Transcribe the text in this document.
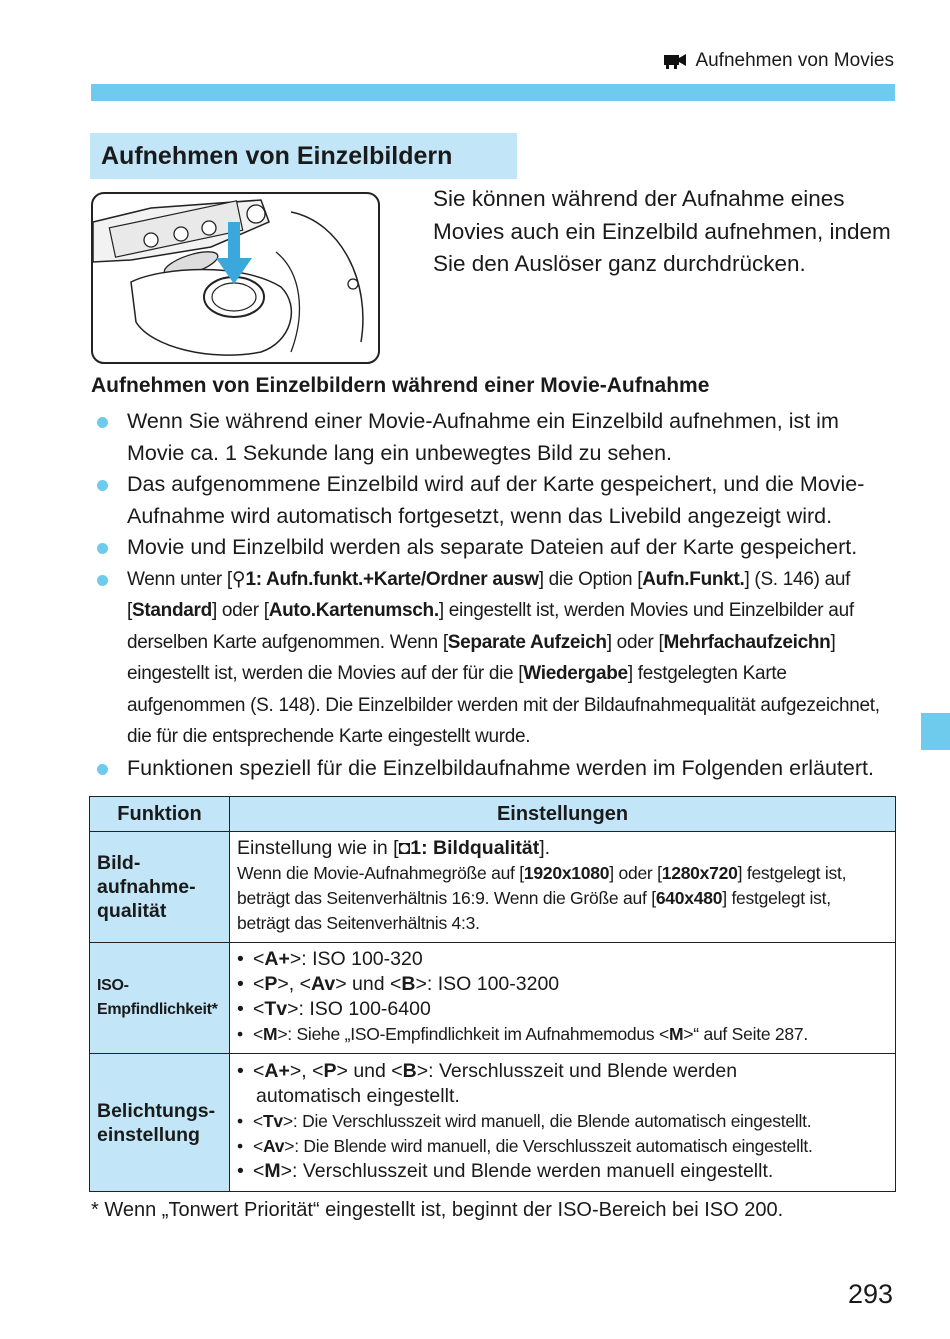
Aufnehmen von Movies
Aufnehmen von Einzelbildern
Sie können während der Aufnahme eines Movies auch ein Einzelbild aufnehmen, indem Sie den Auslöser ganz durchdrücken.
Aufnehmen von Einzelbildern während einer Movie-Aufnahme
Wenn Sie während einer Movie-Aufnahme ein Einzelbild aufnehmen, ist im Movie ca. 1 Sekunde lang ein unbewegtes Bild zu sehen.
Das aufgenommene Einzelbild wird auf der Karte gespeichert, und die Movie-Aufnahme wird automatisch fortgesetzt, wenn das Livebild angezeigt wird.
Movie und Einzelbild werden als separate Dateien auf der Karte gespeichert.
Wenn unter [⚲1: Aufn.funkt.+Karte/Ordner ausw] die Option [Aufn.Funkt.] (S. 146) auf [Standard] oder [Auto.Kartenumsch.] eingestellt ist, werden Movies und Einzelbilder auf derselben Karte aufgenommen. Wenn [Separate Aufzeich] oder [Mehrfachaufzeichn] eingestellt ist, werden die Movies auf der für die [Wiedergabe] festgelegten Karte aufgenommen (S. 148). Die Einzelbilder werden mit der Bildaufnahmequalität aufgezeichnet, die für die entsprechende Karte eingestellt wurde.
Funktionen speziell für die Einzelbildaufnahme werden im Folgenden erläutert.
Funktion	Einstellungen
Bild-aufnahme-qualität	Einstellung wie in [◘1: Bildqualität].
Wenn die Movie-Aufnahmegröße auf [1920x1080] oder [1280x720] festgelegt ist, beträgt das Seitenverhältnis 16:9. Wenn die Größe auf [640x480] festgelegt ist, beträgt das Seitenverhältnis 4:3.

ISO-Empfindlichkeit*	• <A+>: ISO 100-320
• <P>, <Av> und <B>: ISO 100-3200
• <Tv>: ISO 100-6400
• <M>: Siehe „ISO-Empfindlichkeit im Aufnahmemodus <M>“ auf Seite 287.

Belichtungs-einstellung	• <A+>, <P> und <B>: Verschlusszeit und Blende werden
automatisch eingestellt.
• <Tv>: Die Verschlusszeit wird manuell, die Blende automatisch eingestellt.
• <Av>: Die Blende wird manuell, die Verschlusszeit automatisch eingestellt.
• <M>: Verschlusszeit und Blende werden manuell eingestellt.
* Wenn „Tonwert Priorität“ eingestellt ist, beginnt der ISO-Bereich bei ISO 200.
293
